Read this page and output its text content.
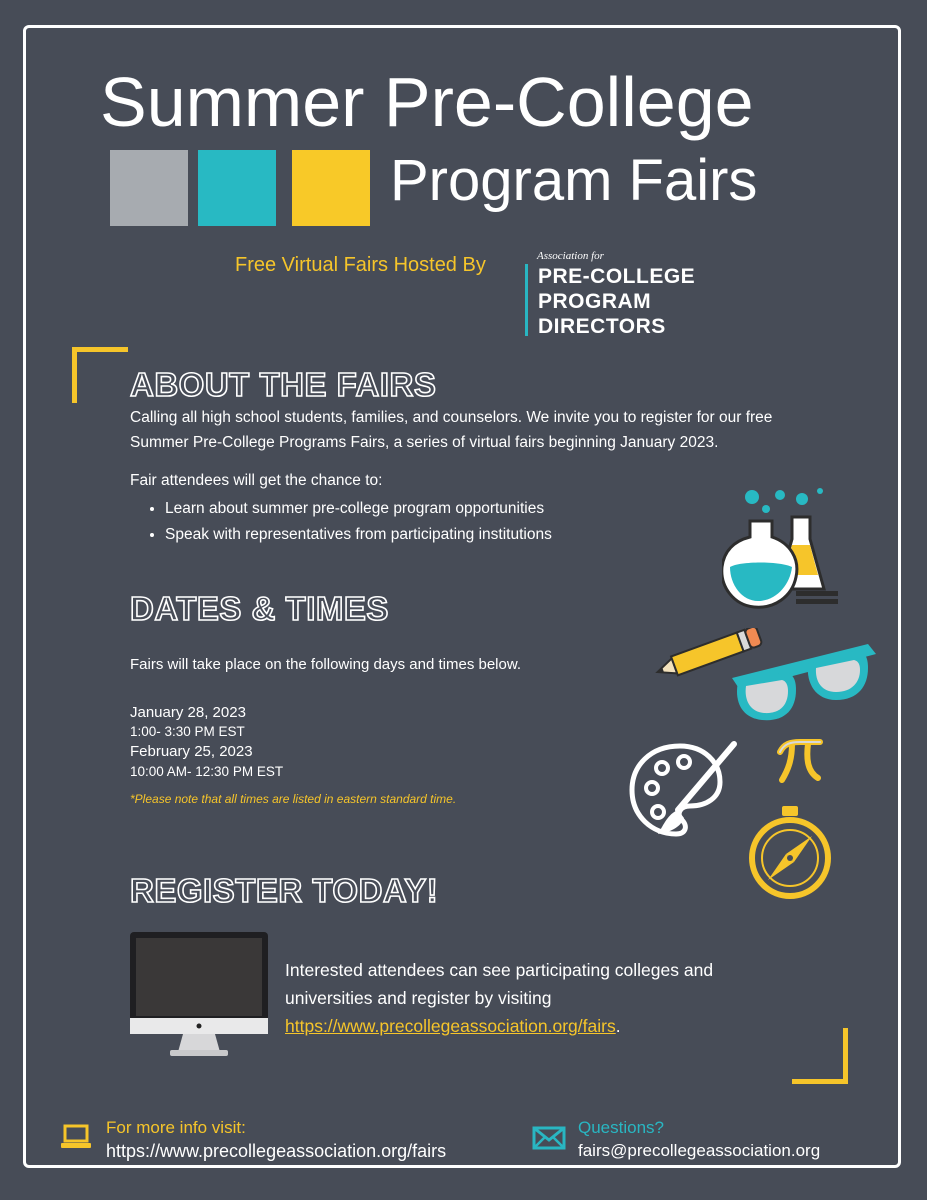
Summer Pre-College
Program Fairs
Free Virtual Fairs Hosted By	Association for
PRE-COLLEGE
PROGRAM
DIRECTORS
ABOUT THE FAIRS
Calling all high school students, families, and counselors. We invite you to register for our free
Summer Pre-College Programs Fairs, a series of virtual fairs beginning January 2023.
Fair attendees will get the chance to:
• Learn about summer pre-college program opportunities
• Speak with representatives from participating institutions
DATES & TIMES
Fairs will take place on the following days and times below.
January 28, 2023
1:00- 3:30 PM EST
February 25, 2023
10:00 AM- 12:30 PM EST
*Please note that all times are listed in eastern standard time.
REGISTER TODAY!
Interested attendees can see participating colleges and
universities and register by visiting
https://www.precollegeassociation.org/fairs.
For more info visit:
https://www.precollegeassociation.org/fairs
Questions?
fairs@precollegeassociation.org
